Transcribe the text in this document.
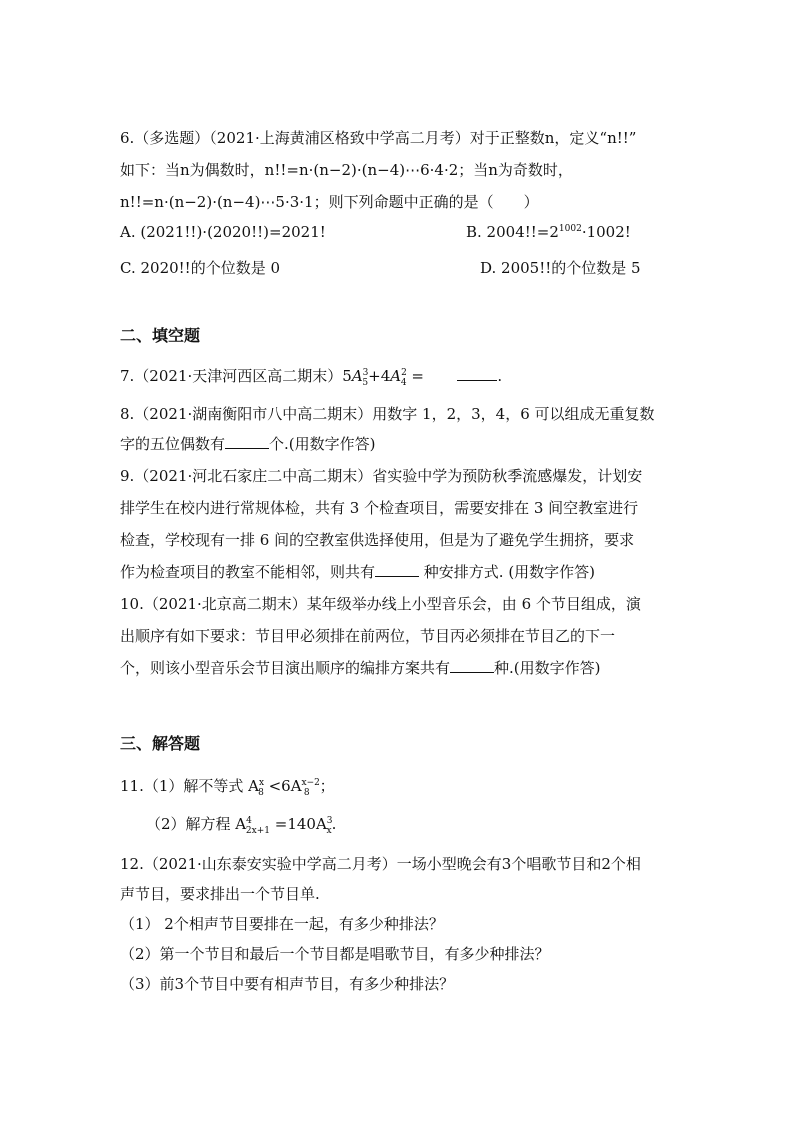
6.（多选题）（2021·上海黄浦区格致中学高二月考）对于正整数n，定义“n!!”
如下：当n为偶数时，n!!=n·(n−2)·(n−4)⋯6·4·2；当n为奇数时，
n!!=n·(n−2)·(n−4)⋯5·3·1；则下列命题中正确的是（　　）
A. (2021!!)·(2020!!)=2021!	B. $2004!!=2^{1002}\cdot 1002$!
C. 2020!!的个位数是 0	D. 2005!!的个位数是 5
二、填空题
7.（2021·天津河西区高二期末）$5A^3_5+4A^2_4$ =	.
8.（2021·湖南衡阳市八中高二期末）用数字 1，2，3，4，6 可以组成无重复数
字的五位偶数有	个.(用数字作答)
9.（2021·河北石家庄二中高二期末）省实验中学为预防秋季流感爆发，计划安
排学生在校内进行常规体检，共有 3 个检查项目，需要安排在 3 间空教室进行
检查，学校现有一排 6 间的空教室供选择使用，但是为了避免学生拥挤，要求
作为检查项目的教室不能相邻，则共有	种安排方式. (用数字作答)
10.（2021·北京高二期末）某年级举办线上小型音乐会，由 6 个节目组成，演
出顺序有如下要求：节目甲必须排在前两位，节目丙必须排在节目乙的下一
个，则该小型音乐会节目演出顺序的编排方案共有	种.(用数字作答)
三、解答题
11.（1）解不等式 $A^x_8 <6A^{x-2}_8$ ；
（2）解方程 $A^4_{2x+1} =140A^3_x$.
12.（2021·山东泰安实验中学高二月考）一场小型晚会有3个唱歌节目和2个相
声节目，要求排出一个节目单.
（1） 2个相声节目要排在一起，有多少种排法？
（2）第一个节目和最后一个节目都是唱歌节目，有多少种排法？
（3）前3个节目中要有相声节目，有多少种排法？
